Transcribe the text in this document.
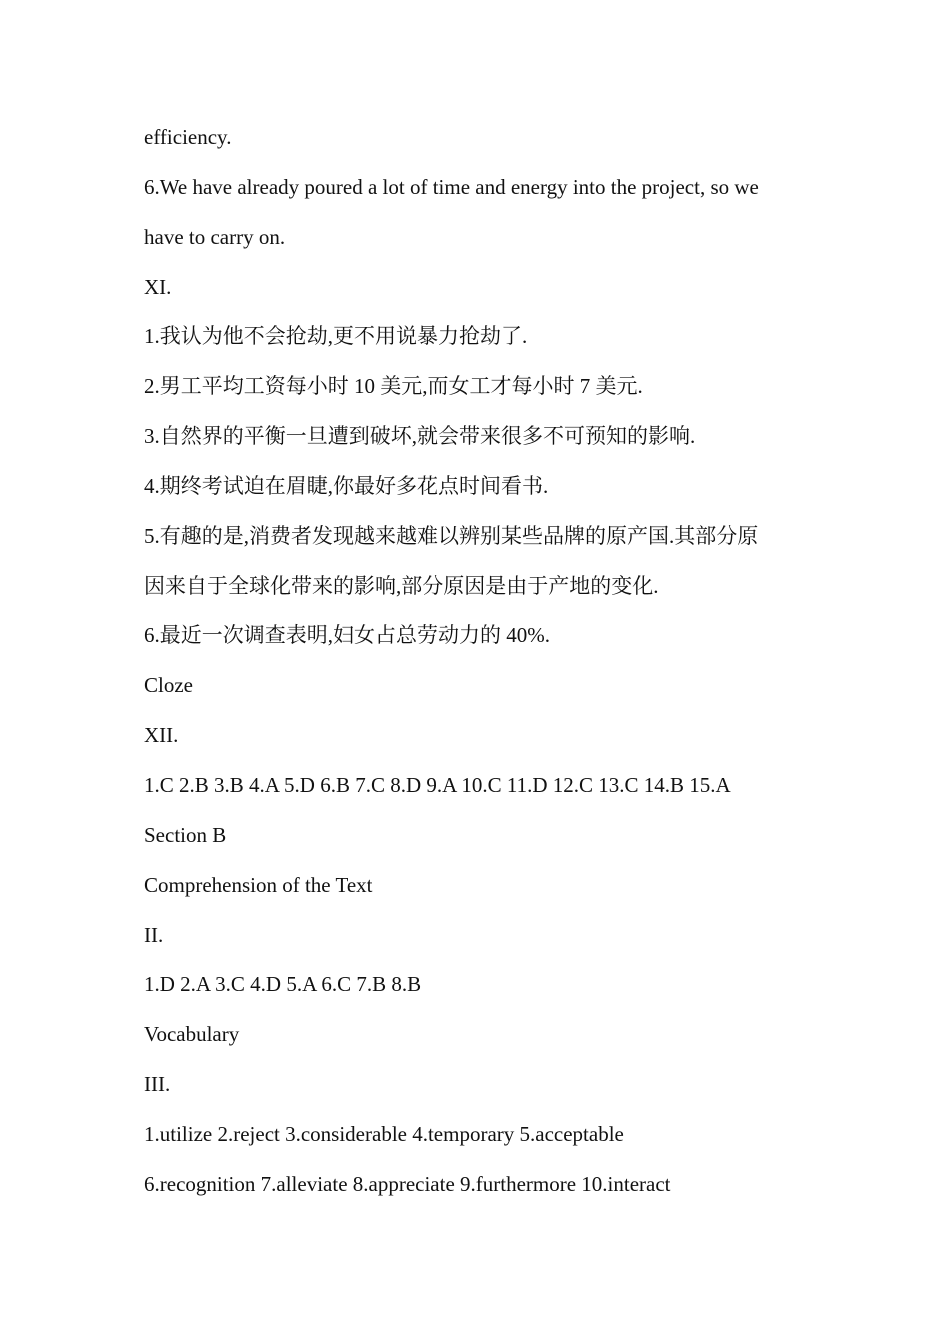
efficiency.
6.We have already poured a lot of time and energy into the project, so we
have to carry on.
XI.
1.我认为他不会抢劫,更不用说暴力抢劫了.
2.男工平均工资每小时 10 美元,而女工才每小时 7 美元.
3.自然界的平衡一旦遭到破坏,就会带来很多不可预知的影响.
4.期终考试迫在眉睫,你最好多花点时间看书.
5.有趣的是,消费者发现越来越难以辨别某些品牌的原产国.其部分原
因来自于全球化带来的影响,部分原因是由于产地的变化.
6.最近一次调查表明,妇女占总劳动力的 40%.
Cloze
XII.
1.C 2.B 3.B 4.A 5.D 6.B 7.C 8.D 9.A 10.C 11.D 12.C 13.C 14.B 15.A
Section B
Comprehension of the Text
II.
1.D 2.A 3.C 4.D 5.A 6.C 7.B 8.B
Vocabulary
III.
1.utilize 2.reject 3.considerable 4.temporary 5.acceptable
6.recognition 7.alleviate 8.appreciate 9.furthermore 10.interact
